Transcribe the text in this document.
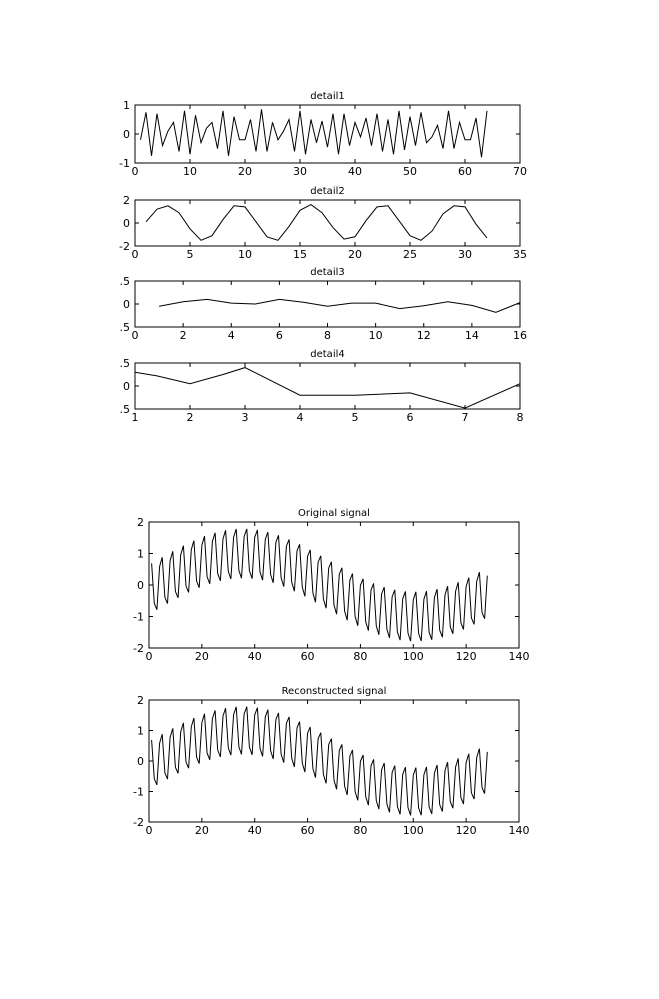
detail1
0	10	20	30	40	50	60	70
-1
0
1
detail2
0	5	10	15	20	25	30	35
-2
0
2
detail3
0	2	4	6	8	10	12	14	16
.5
0
.5
detail4
1	2	3	4	5	6	7	8
.5
0
.5
Original signal
0	20	40	60	80	100	120	140
-2
-1
0
1
2
Reconstructed signal
0	20	40	60	80	100	120	140
-2
-1
0
1
2
